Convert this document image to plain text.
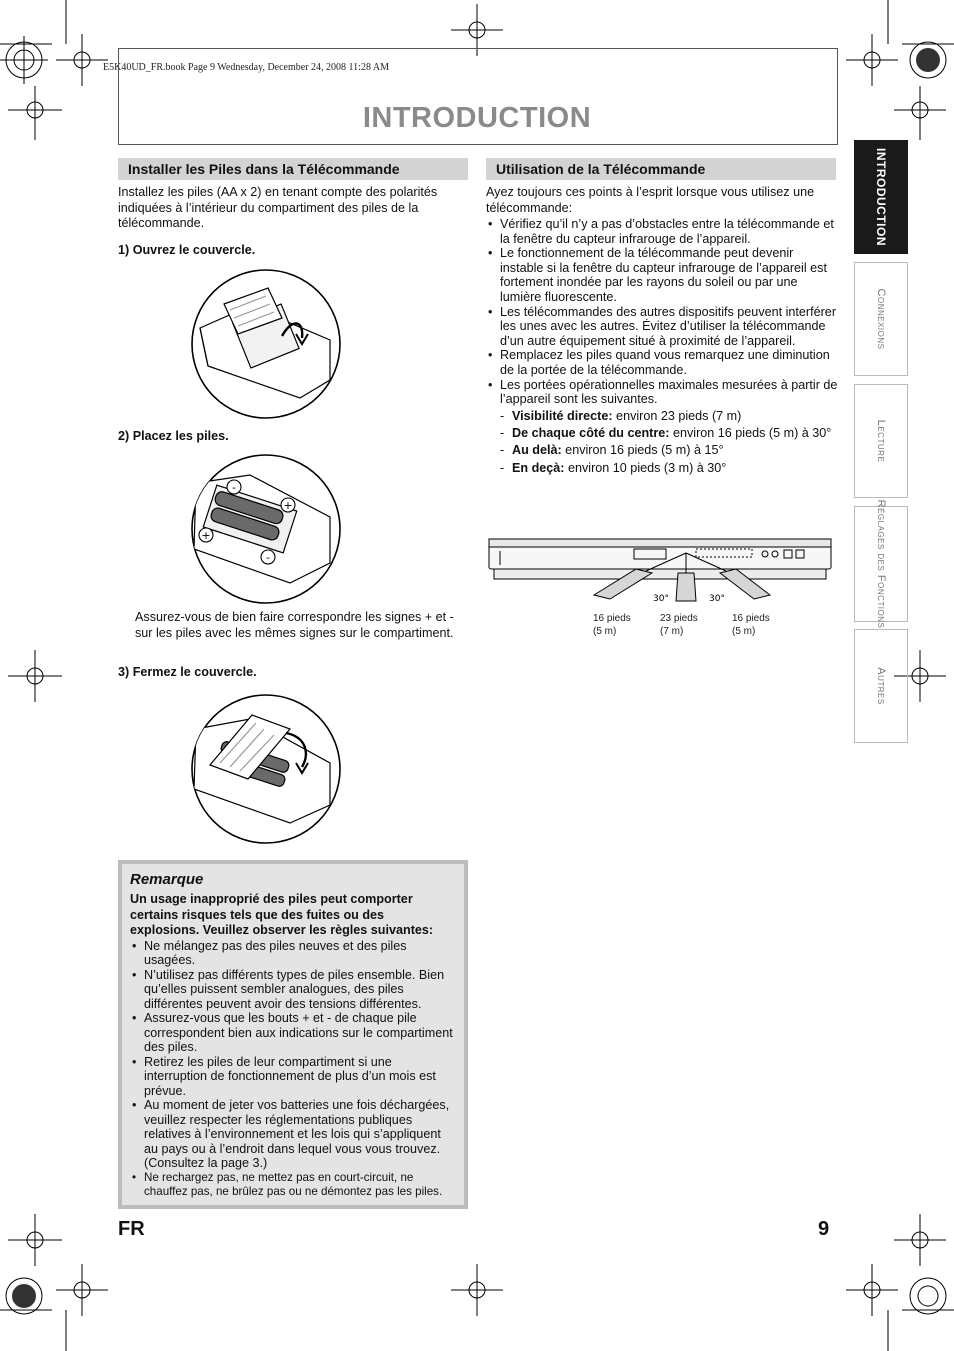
E5K40UD_FR.book Page 9 Wednesday, December 24, 2008 11:28 AM
INTRODUCTION
Installer les Piles dans la Télécommande
Installez les piles (AA x 2) en tenant compte des polarités indiquées à l’intérieur du compartiment des piles de la télécommande.
1) Ouvrez le couvercle.
2) Placez les piles.
-
+
+
-
Assurez-vous de bien faire correspondre les signes + et - sur les piles avec les mêmes signes sur le compartiment.
3) Fermez le couvercle.
Remarque
Un usage inapproprié des piles peut comporter certains risques tels que des fuites ou des explosions. Veuillez observer les règles suivantes:
• Ne mélangez pas des piles neuves et des piles usagées.
• N’utilisez pas différents types de piles ensemble. Bien qu’elles puissent sembler analogues, des piles différentes peuvent avoir des tensions différentes.
• Assurez-vous que les bouts + et - de chaque pile correspondent bien aux indications sur le compartiment des piles.
• Retirez les piles de leur compartiment si une interruption de fonctionnement de plus d’un mois est prévue.
• Au moment de jeter vos batteries une fois déchargées, veuillez respecter les réglementations publiques relatives à l’environnement et les lois qui s’appliquent au pays ou à l’endroit dans lequel vous vous trouvez. (Consultez la page 3.)
• Ne rechargez pas, ne mettez pas en court-circuit, ne chauffez pas, ne brûlez pas ou ne démontez pas les piles.
Utilisation de la Télécommande
Ayez toujours ces points à l’esprit lorsque vous utilisez une télécommande:
• Vérifiez qu’il n’y a pas d’obstacles entre la télécommande et la fenêtre du capteur infrarouge de l’appareil.
• Le fonctionnement de la télécommande peut devenir instable si la fenêtre du capteur infrarouge de l’appareil est fortement inondée par les rayons du soleil ou par une lumière fluorescente.
• Les télécommandes des autres dispositifs peuvent interférer les unes avec les autres. Évitez d’utiliser la télécommande d’un autre équipement situé à proximité de l’appareil.
• Remplacez les piles quand vous remarquez une diminution de la portée de la télécommande.
• Les portées opérationnelles maximales mesurées à partir de l’appareil sont les suivantes.
- Visibilité directe: environ 23 pieds (7 m)
- De chaque côté du centre: environ 16 pieds (5 m) à 30°
- Au delà: environ 16 pieds (5 m) à 15°
- En deçà: environ 10 pieds (3 m) à 30°
30°	30°
16 pieds
(5 m)
23 pieds
(7 m)
16 pieds
(5 m)
INTRODUCTION
Connexions
Lecture
Réglages des Fonctions
Autres
FR	9
